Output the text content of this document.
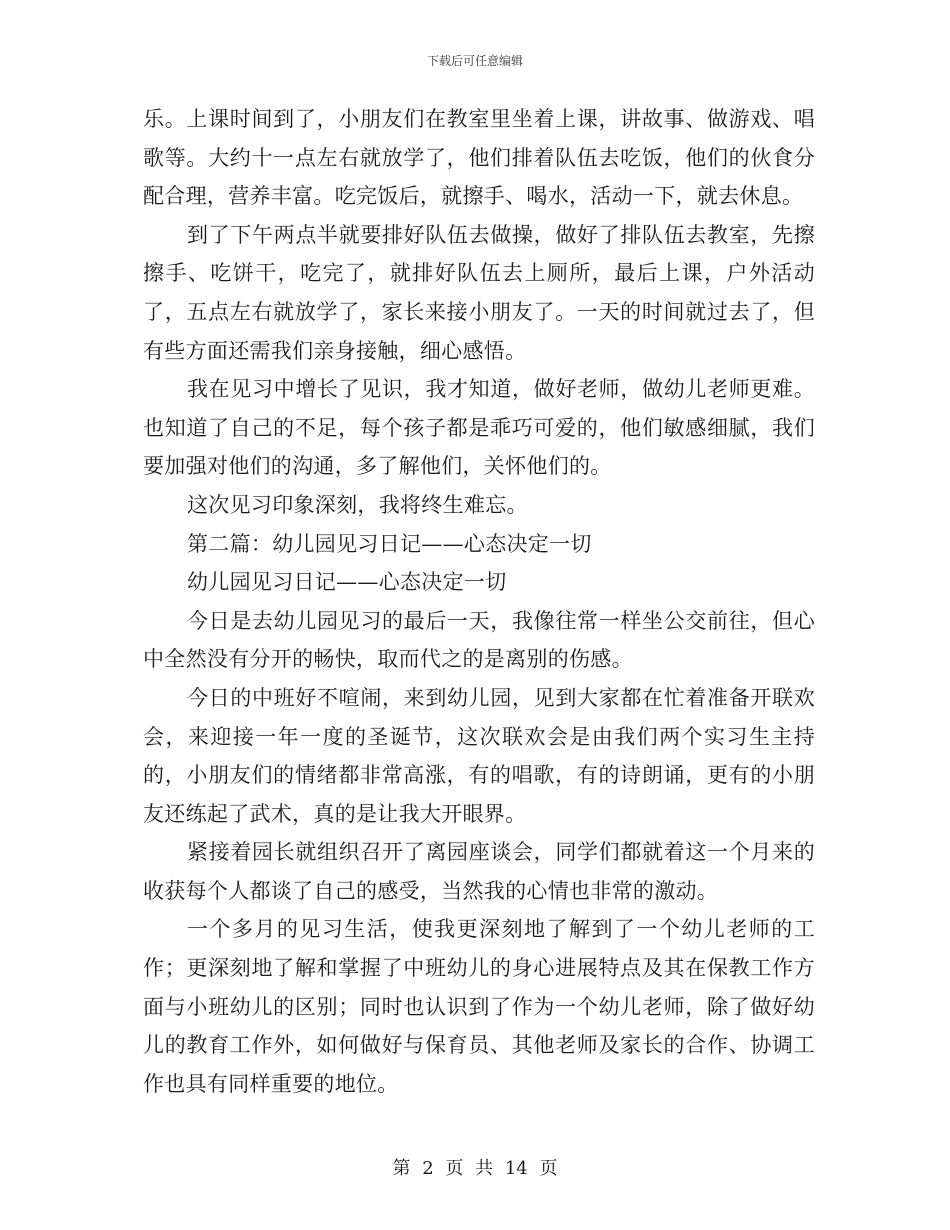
下载后可任意编辑

乐。上课时间到了，小朋友们在教室里坐着上课，讲故事、做游戏、唱歌等。大约十一点左右就放学了，他们排着队伍去吃饭，他们的伙食分配合理，营养丰富。吃完饭后，就擦手、喝水，活动一下，就去休息。

到了下午两点半就要排好队伍去做操，做好了排队伍去教室，先擦擦手、吃饼干，吃完了，就排好队伍去上厕所，最后上课，户外活动了，五点左右就放学了，家长来接小朋友了。一天的时间就过去了，但有些方面还需我们亲身接触，细心感悟。

我在见习中增长了见识，我才知道，做好老师，做幼儿老师更难。也知道了自己的不足，每个孩子都是乖巧可爱的，他们敏感细腻，我们要加强对他们的沟通，多了解他们，关怀他们的。

这次见习印象深刻，我将终生难忘。

第二篇：幼儿园见习日记——心态决定一切

幼儿园见习日记——心态决定一切

今日是去幼儿园见习的最后一天，我像往常一样坐公交前往，但心中全然没有分开的畅快，取而代之的是离别的伤感。

今日的中班好不喧闹，来到幼儿园，见到大家都在忙着准备开联欢会，来迎接一年一度的圣诞节，这次联欢会是由我们两个实习生主持的，小朋友们的情绪都非常高涨，有的唱歌，有的诗朗诵，更有的小朋友还练起了武术，真的是让我大开眼界。

紧接着园长就组织召开了离园座谈会，同学们都就着这一个月来的收获每个人都谈了自己的感受，当然我的心情也非常的激动。

一个多月的见习生活，使我更深刻地了解到了一个幼儿老师的工作；更深刻地了解和掌握了中班幼儿的身心进展特点及其在保教工作方面与小班幼儿的区别；同时也认识到了作为一个幼儿老师，除了做好幼儿的教育工作外，如何做好与保育员、其他老师及家长的合作、协调工作也具有同样重要的地位。

第 2 页 共 14 页
